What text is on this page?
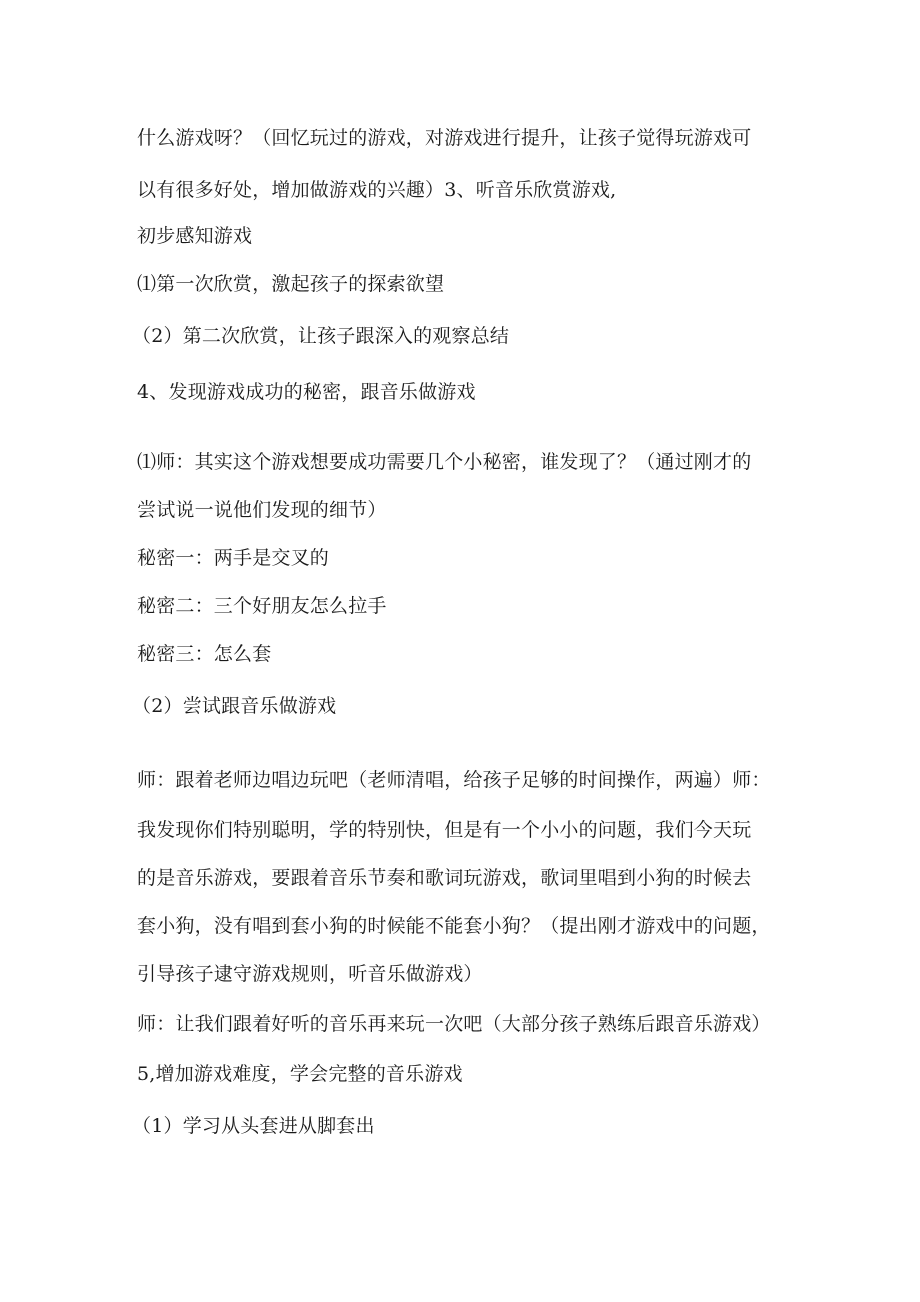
什么游戏呀？（回忆玩过的游戏，对游戏进行提升，让孩子觉得玩游戏可
以有很多好处，增加做游戏的兴趣）3、听音乐欣赏游戏,
初步感知游戏
⑴第一次欣赏，激起孩子的探索欲望
（2）第二次欣赏，让孩子跟深入的观察总结
4、发现游戏成功的秘密，跟音乐做游戏
⑴师：其实这个游戏想要成功需要几个小秘密，谁发现了？（通过刚才的
尝试说一说他们发现的细节）
秘密一：两手是交叉的
秘密二：三个好朋友怎么拉手
秘密三：怎么套
（2）尝试跟音乐做游戏
师：跟着老师边唱边玩吧（老师清唱，给孩子足够的时间操作，两遍）师：
我发现你们特别聪明，学的特别快，但是有一个小小的问题，我们今天玩
的是音乐游戏，要跟着音乐节奏和歌词玩游戏，歌词里唱到小狗的时候去
套小狗，没有唱到套小狗的时候能不能套小狗？（提出刚才游戏中的问题，
引导孩子逮守游戏规则，听音乐做游戏）
师：让我们跟着好听的音乐再来玩一次吧（大部分孩子熟练后跟音乐游戏）
5,增加游戏难度，学会完整的音乐游戏
（1）学习从头套进从脚套出
